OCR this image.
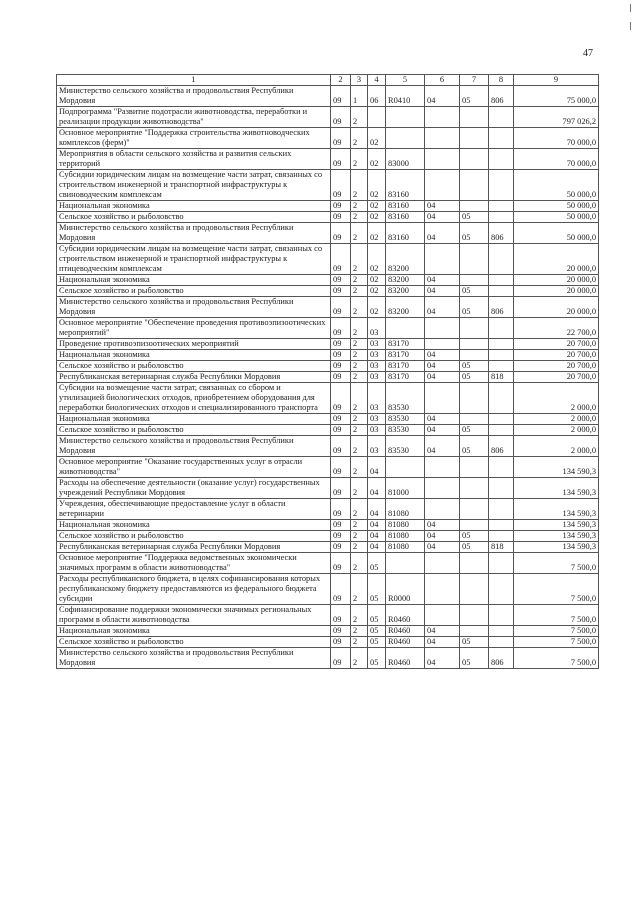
47
1	2	3	4	5	6	7	8	9
Министерство сельского хозяйства и продовольствия Республики Мордовия	09	1	06	R0410	04	05	806	75 000,0
Подпрограмма "Развитие подотрасли животноводства, переработки и реализации продукции животноводства"	09	2						797 026,2
Основное мероприятие "Поддержка строительства животноводческих комплексов (ферм)"	09	2	02					70 000,0
Мероприятия в области сельского хозяйства и развития сельских территорий	09	2	02	83000				70 000,0
Субсидии юридическим лицам на возмещение части затрат, связанных со строительством инженерной и транспортной инфраструктуры к свиноводческим комплексам	09	2	02	83160				50 000,0
Национальная экономика	09	2	02	83160	04			50 000,0
Сельское хозяйство и рыболовство	09	2	02	83160	04	05		50 000,0
Министерство сельского хозяйства и продовольствия Республики Мордовия	09	2	02	83160	04	05	806	50 000,0
Субсидии юридическим лицам на возмещение части затрат, связанных со строительством инженерной и транспортной инфраструктуры к птицеводческим комплексам	09	2	02	83200				20 000,0
Национальная экономика	09	2	02	83200	04			20 000,0
Сельское хозяйство и рыболовство	09	2	02	83200	04	05		20 000,0
Министерство сельского хозяйства и продовольствия Республики Мордовия	09	2	02	83200	04	05	806	20 000,0
Основное мероприятие "Обеспечение проведения противоэпизоотических мероприятий"	09	2	03					22 700,0
Проведение противоэпизоотических мероприятий	09	2	03	83170				20 700,0
Национальная экономика	09	2	03	83170	04			20 700,0
Сельское хозяйство и рыболовство	09	2	03	83170	04	05		20 700,0
Республиканская ветеринарная служба Республики Мордовия	09	2	03	83170	04	05	818	20 700,0
Субсидии на возмещение части затрат, связанных со сбором и утилизацией биологических отходов, приобретением оборудования для переработки биологических отходов и специализированного транспорта	09	2	03	83530				2 000,0
Национальная экономика	09	2	03	83530	04			2 000,0
Сельское хозяйство и рыболовство	09	2	03	83530	04	05		2 000,0
Министерство сельского хозяйства и продовольствия Республики Мордовия	09	2	03	83530	04	05	806	2 000,0
Основное мероприятие "Оказание государственных услуг в отрасли животноводства"	09	2	04					134 590,3
Расходы на обеспечение деятельности (оказание услуг) государственных учреждений Республики Мордовия	09	2	04	81000				134 590,3
Учреждения, обеспечивающие предоставление услуг в области ветеринарии	09	2	04	81080				134 590,3
Национальная экономика	09	2	04	81080	04			134 590,3
Сельское хозяйство и рыболовство	09	2	04	81080	04	05		134 590,3
Республиканская ветеринарная служба Республики Мордовия	09	2	04	81080	04	05	818	134 590,3
Основное мероприятие "Поддержка ведомственных экономически значимых программ в области животноводства"	09	2	05					7 500,0
Расходы республиканского бюджета, в целях софинансирования которых республиканскому бюджету предоставляются из федерального бюджета субсидии	09	2	05	R0000				7 500,0
Софинансирование поддержки экономически значимых региональных программ в области животноводства	09	2	05	R0460				7 500,0
Национальная экономика	09	2	05	R0460	04			7 500,0
Сельское хозяйство и рыболовство	09	2	05	R0460	04	05		7 500,0
Министерство сельского хозяйства и продовольствия Республики Мордовия	09	2	05	R0460	04	05	806	7 500,0
